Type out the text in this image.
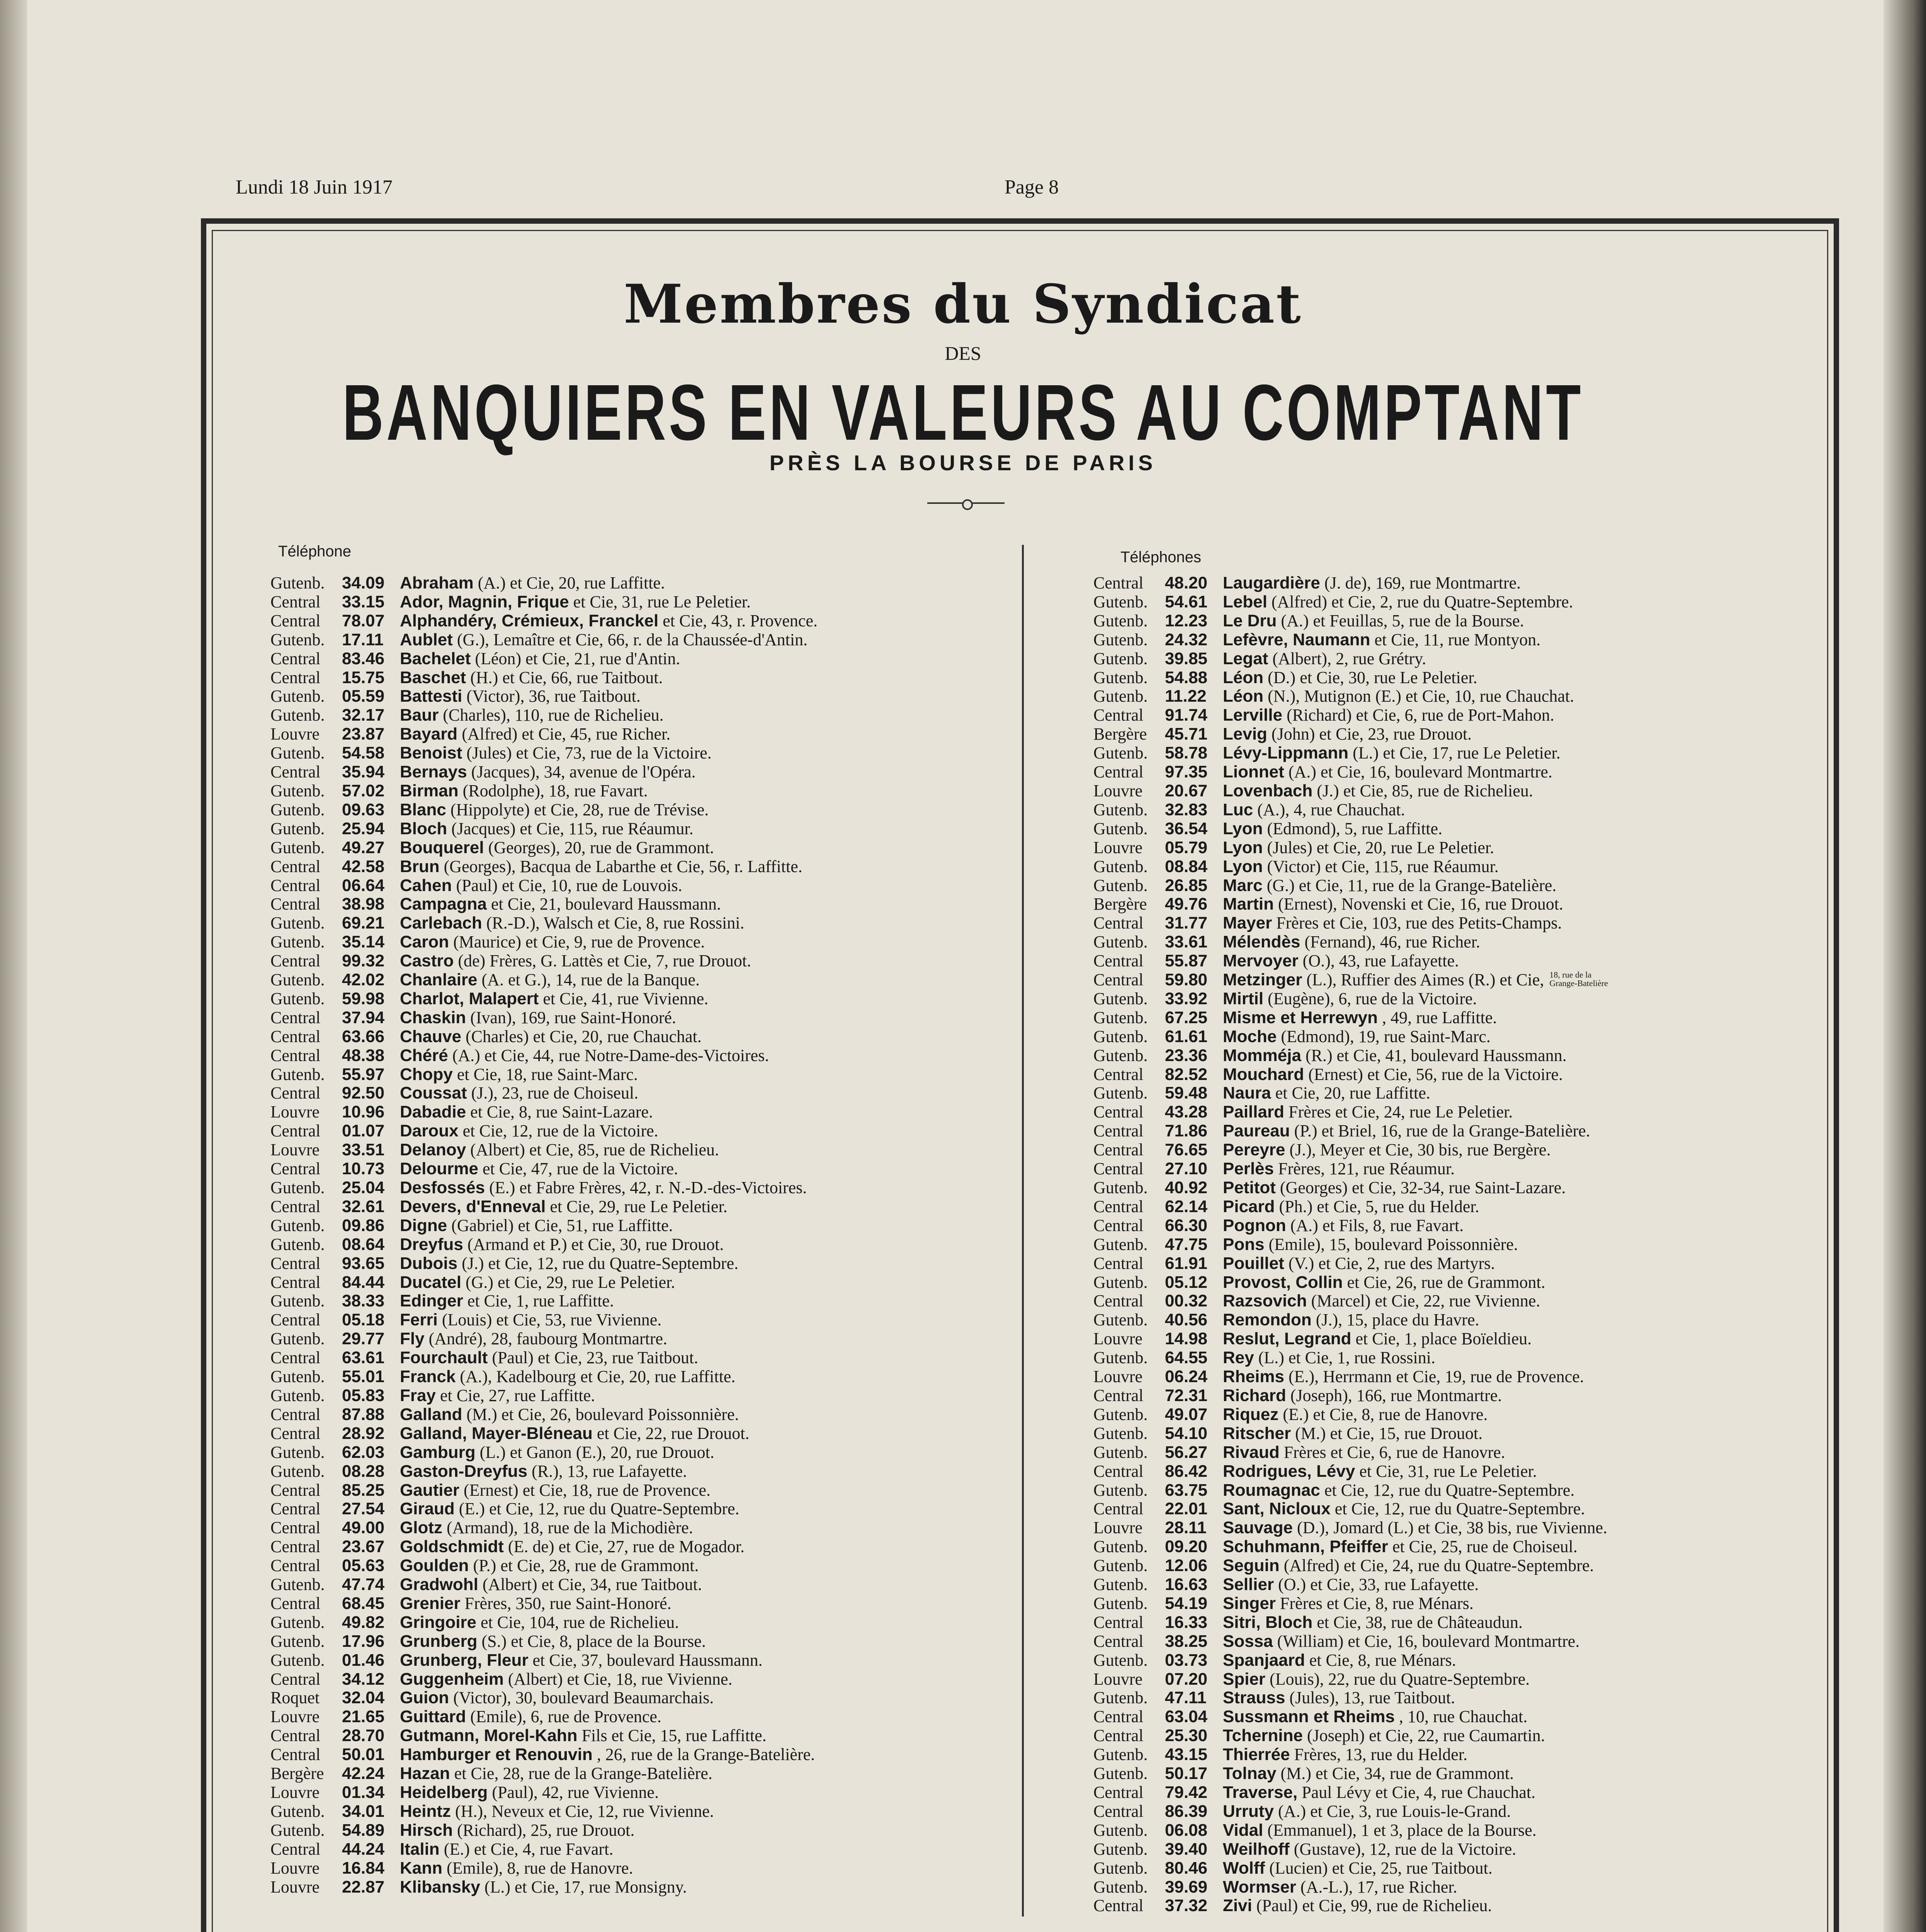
Lundi 18 Juin 1917	Page 8
Membres du Syndicat
DES
BANQUIERS EN VALEURS AU COMPTANT
PRÈS LA BOURSE DE PARIS
Téléphone	Téléphones
Gutenb.	34.09 Abraham (A.) et Cie, 20, rue Laffitte.
Central	33.15 Ador, Magnin, Frique et Cie, 31, rue Le Peletier.
Central	78.07 Alphandéry, Crémieux, Franckel et Cie, 43, r. Provence.
Gutenb.	17.11 Aublet (G.), Lemaître et Cie, 66, r. de la Chaussée-d'Antin.
Central	83.46 Bachelet (Léon) et Cie, 21, rue d'Antin.
Central	15.75 Baschet (H.) et Cie, 66, rue Taitbout.
Gutenb.	05.59 Battesti (Victor), 36, rue Taitbout.
Gutenb.	32.17 Baur (Charles), 110, rue de Richelieu.
Louvre	23.87 Bayard (Alfred) et Cie, 45, rue Richer.
Gutenb.	54.58 Benoist (Jules) et Cie, 73, rue de la Victoire.
Central	35.94 Bernays (Jacques), 34, avenue de l'Opéra.
Gutenb.	57.02 Birman (Rodolphe), 18, rue Favart.
Gutenb.	09.63 Blanc (Hippolyte) et Cie, 28, rue de Trévise.
Gutenb.	25.94 Bloch (Jacques) et Cie, 115, rue Réaumur.
Gutenb.	49.27 Bouquerel (Georges), 20, rue de Grammont.
Central	42.58 Brun (Georges), Bacqua de Labarthe et Cie, 56, r. Laffitte.
Central	06.64 Cahen (Paul) et Cie, 10, rue de Louvois.
Central	38.98 Campagna et Cie, 21, boulevard Haussmann.
Gutenb.	69.21 Carlebach (R.-D.), Walsch et Cie, 8, rue Rossini.
Gutenb.	35.14 Caron (Maurice) et Cie, 9, rue de Provence.
Central	99.32 Castro (de) Frères, G. Lattès et Cie, 7, rue Drouot.
Gutenb.	42.02 Chanlaire (A. et G.), 14, rue de la Banque.
Gutenb.	59.98 Charlot, Malapert et Cie, 41, rue Vivienne.
Central	37.94 Chaskin (Ivan), 169, rue Saint-Honoré.
Central	63.66 Chauve (Charles) et Cie, 20, rue Chauchat.
Central	48.38 Chéré (A.) et Cie, 44, rue Notre-Dame-des-Victoires.
Gutenb.	55.97 Chopy et Cie, 18, rue Saint-Marc.
Central	92.50 Coussat (J.), 23, rue de Choiseul.
Louvre	10.96 Dabadie et Cie, 8, rue Saint-Lazare.
Central	01.07 Daroux et Cie, 12, rue de la Victoire.
Louvre	33.51 Delanoy (Albert) et Cie, 85, rue de Richelieu.
Central	10.73 Delourme et Cie, 47, rue de la Victoire.
Gutenb.	25.04 Desfossés (E.) et Fabre Frères, 42, r. N.-D.-des-Victoires.
Central	32.61 Devers, d'Enneval et Cie, 29, rue Le Peletier.
Gutenb.	09.86 Digne (Gabriel) et Cie, 51, rue Laffitte.
Gutenb.	08.64 Dreyfus (Armand et P.) et Cie, 30, rue Drouot.
Central	93.65 Dubois (J.) et Cie, 12, rue du Quatre-Septembre.
Central	84.44 Ducatel (G.) et Cie, 29, rue Le Peletier.
Gutenb.	38.33 Edinger et Cie, 1, rue Laffitte.
Central	05.18 Ferri (Louis) et Cie, 53, rue Vivienne.
Gutenb.	29.77 Fly (André), 28, faubourg Montmartre.
Central	63.61 Fourchault (Paul) et Cie, 23, rue Taitbout.
Gutenb.	55.01 Franck (A.), Kadelbourg et Cie, 20, rue Laffitte.
Gutenb.	05.83 Fray et Cie, 27, rue Laffitte.
Central	87.88 Galland (M.) et Cie, 26, boulevard Poissonnière.
Central	28.92 Galland, Mayer-Bléneau et Cie, 22, rue Drouot.
Gutenb.	62.03 Gamburg (L.) et Ganon (E.), 20, rue Drouot.
Gutenb.	08.28 Gaston-Dreyfus (R.), 13, rue Lafayette.
Central	85.25 Gautier (Ernest) et Cie, 18, rue de Provence.
Central	27.54 Giraud (E.) et Cie, 12, rue du Quatre-Septembre.
Central	49.00 Glotz (Armand), 18, rue de la Michodière.
Central	23.67 Goldschmidt (E. de) et Cie, 27, rue de Mogador.
Central	05.63 Goulden (P.) et Cie, 28, rue de Grammont.
Gutenb.	47.74 Gradwohl (Albert) et Cie, 34, rue Taitbout.
Central	68.45 Grenier Frères, 350, rue Saint-Honoré.
Gutenb.	49.82 Gringoire et Cie, 104, rue de Richelieu.
Gutenb.	17.96 Grunberg (S.) et Cie, 8, place de la Bourse.
Gutenb.	01.46 Grunberg, Fleur et Cie, 37, boulevard Haussmann.
Central	34.12 Guggenheim (Albert) et Cie, 18, rue Vivienne.
Roquet	32.04 Guion (Victor), 30, boulevard Beaumarchais.
Louvre	21.65 Guittard (Emile), 6, rue de Provence.
Central	28.70 Gutmann, Morel-Kahn Fils et Cie, 15, rue Laffitte.
Central	50.01 Hamburger et Renouvin , 26, rue de la Grange-Batelière.
Bergère	42.24 Hazan et Cie, 28, rue de la Grange-Batelière.
Louvre	01.34 Heidelberg (Paul), 42, rue Vivienne.
Gutenb.	34.01 Heintz (H.), Neveux et Cie, 12, rue Vivienne.
Gutenb.	54.89 Hirsch (Richard), 25, rue Drouot.
Central	44.24 Italin (E.) et Cie, 4, rue Favart.
Louvre	16.84 Kann (Emile), 8, rue de Hanovre.
Louvre	22.87 Klibansky (L.) et Cie, 17, rue Monsigny.
Central	48.20 Laugardière (J. de), 169, rue Montmartre.
Gutenb.	54.61 Lebel (Alfred) et Cie, 2, rue du Quatre-Septembre.
Gutenb.	12.23 Le Dru (A.) et Feuillas, 5, rue de la Bourse.
Gutenb.	24.32 Lefèvre, Naumann et Cie, 11, rue Montyon.
Gutenb.	39.85 Legat (Albert), 2, rue Grétry.
Gutenb.	54.88 Léon (D.) et Cie, 30, rue Le Peletier.
Gutenb.	11.22 Léon (N.), Mutignon (E.) et Cie, 10, rue Chauchat.
Central	91.74 Lerville (Richard) et Cie, 6, rue de Port-Mahon.
Bergère	45.71 Levig (John) et Cie, 23, rue Drouot.
Gutenb.	58.78 Lévy-Lippmann (L.) et Cie, 17, rue Le Peletier.
Central	97.35 Lionnet (A.) et Cie, 16, boulevard Montmartre.
Louvre	20.67 Lovenbach (J.) et Cie, 85, rue de Richelieu.
Gutenb.	32.83 Luc (A.), 4, rue Chauchat.
Gutenb.	36.54 Lyon (Edmond), 5, rue Laffitte.
Louvre	05.79 Lyon (Jules) et Cie, 20, rue Le Peletier.
Gutenb.	08.84 Lyon (Victor) et Cie, 115, rue Réaumur.
Gutenb.	26.85 Marc (G.) et Cie, 11, rue de la Grange-Batelière.
Bergère	49.76 Martin (Ernest), Novenski et Cie, 16, rue Drouot.
Central	31.77 Mayer Frères et Cie, 103, rue des Petits-Champs.
Gutenb.	33.61 Mélendès (Fernand), 46, rue Richer.
Central	55.87 Mervoyer (O.), 43, rue Lafayette.
Central	59.80 Metzinger (L.), Ruffier des Aimes (R.) et Cie, 18, rue de la Grange-Batelière
Gutenb.	33.92 Mirtil (Eugène), 6, rue de la Victoire.
Gutenb.	67.25 Misme et Herrewyn , 49, rue Laffitte.
Gutenb.	61.61 Moche (Edmond), 19, rue Saint-Marc.
Gutenb.	23.36 Momméja (R.) et Cie, 41, boulevard Haussmann.
Central	82.52 Mouchard (Ernest) et Cie, 56, rue de la Victoire.
Gutenb.	59.48 Naura et Cie, 20, rue Laffitte.
Central	43.28 Paillard Frères et Cie, 24, rue Le Peletier.
Central	71.86 Paureau (P.) et Briel, 16, rue de la Grange-Batelière.
Central	76.65 Pereyre (J.), Meyer et Cie, 30 bis, rue Bergère.
Central	27.10 Perlès Frères, 121, rue Réaumur.
Gutenb.	40.92 Petitot (Georges) et Cie, 32-34, rue Saint-Lazare.
Central	62.14 Picard (Ph.) et Cie, 5, rue du Helder.
Central	66.30 Pognon (A.) et Fils, 8, rue Favart.
Gutenb.	47.75 Pons (Emile), 15, boulevard Poissonnière.
Central	61.91 Pouillet (V.) et Cie, 2, rue des Martyrs.
Gutenb.	05.12 Provost, Collin et Cie, 26, rue de Grammont.
Central	00.32 Razsovich (Marcel) et Cie, 22, rue Vivienne.
Gutenb.	40.56 Remondon (J.), 15, place du Havre.
Louvre	14.98 Reslut, Legrand et Cie, 1, place Boïeldieu.
Gutenb.	64.55 Rey (L.) et Cie, 1, rue Rossini.
Louvre	06.24 Rheims (E.), Herrmann et Cie, 19, rue de Provence.
Central	72.31 Richard (Joseph), 166, rue Montmartre.
Gutenb.	49.07 Riquez (E.) et Cie, 8, rue de Hanovre.
Gutenb.	54.10 Ritscher (M.) et Cie, 15, rue Drouot.
Gutenb.	56.27 Rivaud Frères et Cie, 6, rue de Hanovre.
Central	86.42 Rodrigues, Lévy et Cie, 31, rue Le Peletier.
Gutenb.	63.75 Roumagnac et Cie, 12, rue du Quatre-Septembre.
Central	22.01 Sant, Nicloux et Cie, 12, rue du Quatre-Septembre.
Louvre	28.11 Sauvage (D.), Jomard (L.) et Cie, 38 bis, rue Vivienne.
Gutenb.	09.20 Schuhmann, Pfeiffer et Cie, 25, rue de Choiseul.
Gutenb.	12.06 Seguin (Alfred) et Cie, 24, rue du Quatre-Septembre.
Gutenb.	16.63 Sellier (O.) et Cie, 33, rue Lafayette.
Gutenb.	54.19 Singer Frères et Cie, 8, rue Ménars.
Central	16.33 Sitri, Bloch et Cie, 38, rue de Châteaudun.
Central	38.25 Sossa (William) et Cie, 16, boulevard Montmartre.
Gutenb.	03.73 Spanjaard et Cie, 8, rue Ménars.
Louvre	07.20 Spier (Louis), 22, rue du Quatre-Septembre.
Gutenb.	47.11 Strauss (Jules), 13, rue Taitbout.
Central	63.04 Sussmann et Rheims , 10, rue Chauchat.
Central	25.30 Tchernine (Joseph) et Cie, 22, rue Caumartin.
Gutenb.	43.15 Thierrée Frères, 13, rue du Helder.
Gutenb.	50.17 Tolnay (M.) et Cie, 34, rue de Grammont.
Central	79.42 Traverse, Paul Lévy et Cie, 4, rue Chauchat.
Central	86.39 Urruty (A.) et Cie, 3, rue Louis-le-Grand.
Gutenb.	06.08 Vidal (Emmanuel), 1 et 3, place de la Bourse.
Gutenb.	39.40 Weilhoff (Gustave), 12, rue de la Victoire.
Gutenb.	80.46 Wolff (Lucien) et Cie, 25, rue Taitbout.
Gutenb.	39.69 Wormser (A.-L.), 17, rue Richer.
Central	37.32 Zivi (Paul) et Cie, 99, rue de Richelieu.
